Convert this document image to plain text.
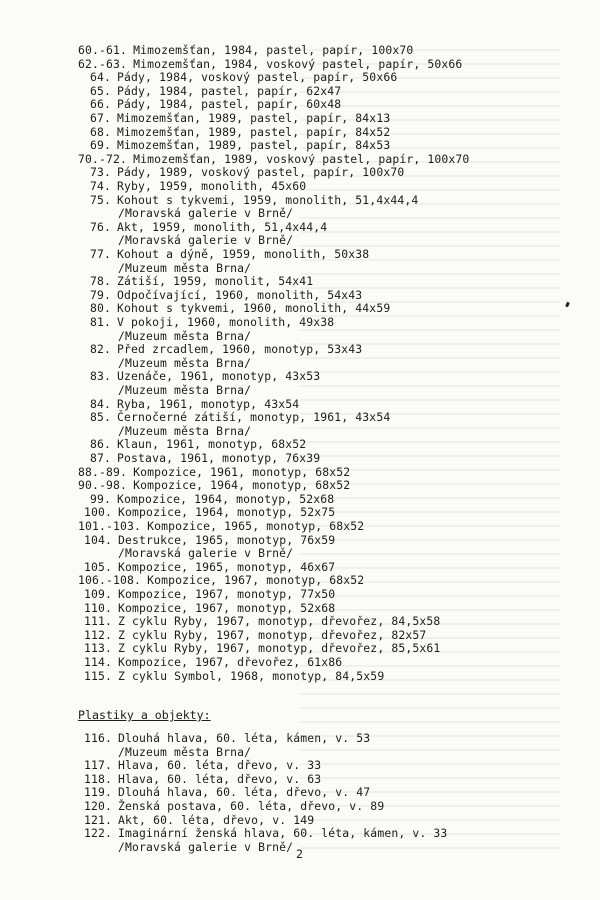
60.-61. Mimozemšťan, 1984, pastel, papír, 100x70
62.-63. Mimozemšťan, 1984, voskový pastel, papír, 50x66
64. Pády, 1984, voskový pastel, papír, 50x66
65. Pády, 1984, pastel, papír, 62x47
66. Pády, 1984, pastel, papír, 60x48
67. Mimozemšťan, 1989, pastel, papír, 84x13
68. Mimozemšťan, 1989, pastel, papír, 84x52
69. Mimozemšťan, 1989, pastel, papír, 84x53
70.-72. Mimozemšťan, 1989, voskový pastel, papír, 100x70
73. Pády, 1989, voskový pastel, papír, 100x70
74. Ryby, 1959, monolith, 45x60
75. Kohout s tykvemi, 1959, monolith, 51,4x44,4
/Moravská galerie v Brně/
76. Akt, 1959, monolith, 51,4x44,4
/Moravská galerie v Brně/
77. Kohout a dýně, 1959, monolith, 50x38
/Muzeum města Brna/
78. Zátiší, 1959, monolit, 54x41
79. Odpočívající, 1960, monolith, 54x43
80. Kohout s tykvemi, 1960, monolith, 44x59
81. V pokoji, 1960, monolith, 49x38
/Muzeum města Brna/
82. Před zrcadlem, 1960, monotyp, 53x43
/Muzeum města Brna/
83. Uzenáče, 1961, monotyp, 43x53
/Muzeum města Brna/
84. Ryba, 1961, monotyp, 43x54
85. Černočerné zátiší, monotyp, 1961, 43x54
/Muzeum města Brna/
86. Klaun, 1961, monotyp, 68x52
87. Postava, 1961, monotyp, 76x39
88.-89. Kompozice, 1961, monotyp, 68x52
90.-98. Kompozice, 1964, monotyp, 68x52
99. Kompozice, 1964, monotyp, 52x68
100. Kompozice, 1964, monotyp, 52x75
101.-103. Kompozice, 1965, monotyp, 68x52
104. Destrukce, 1965, monotyp, 76x59
/Moravská galerie v Brně/
105. Kompozice, 1965, monotyp, 46x67
106.-108. Kompozice, 1967, monotyp, 68x52
109. Kompozice, 1967, monotyp, 77x50
110. Kompozice, 1967, monotyp, 52x68
111. Z cyklu Ryby, 1967, monotyp, dřevořez, 84,5x58
112. Z cyklu Ryby, 1967, monotyp, dřevořez, 82x57
113. Z cyklu Ryby, 1967, monotyp, dřevořez, 85,5x61
114. Kompozice, 1967, dřevořez, 61x86
115. Z cyklu Symbol, 1968, monotyp, 84,5x59
Plastiky a objekty:
116. Dlouhá hlava, 60. léta, kámen, v. 53
/Muzeum města Brna/
117. Hlava, 60. léta, dřevo, v. 33
118. Hlava, 60. léta, dřevo, v. 63
119. Dlouhá hlava, 60. léta, dřevo, v. 47
120. Ženská postava, 60. léta, dřevo, v. 89
121. Akt, 60. léta, dřevo, v. 149
122. Imaginární ženská hlava, 60. léta, kámen, v. 33
/Moravská galerie v Brně/
2
